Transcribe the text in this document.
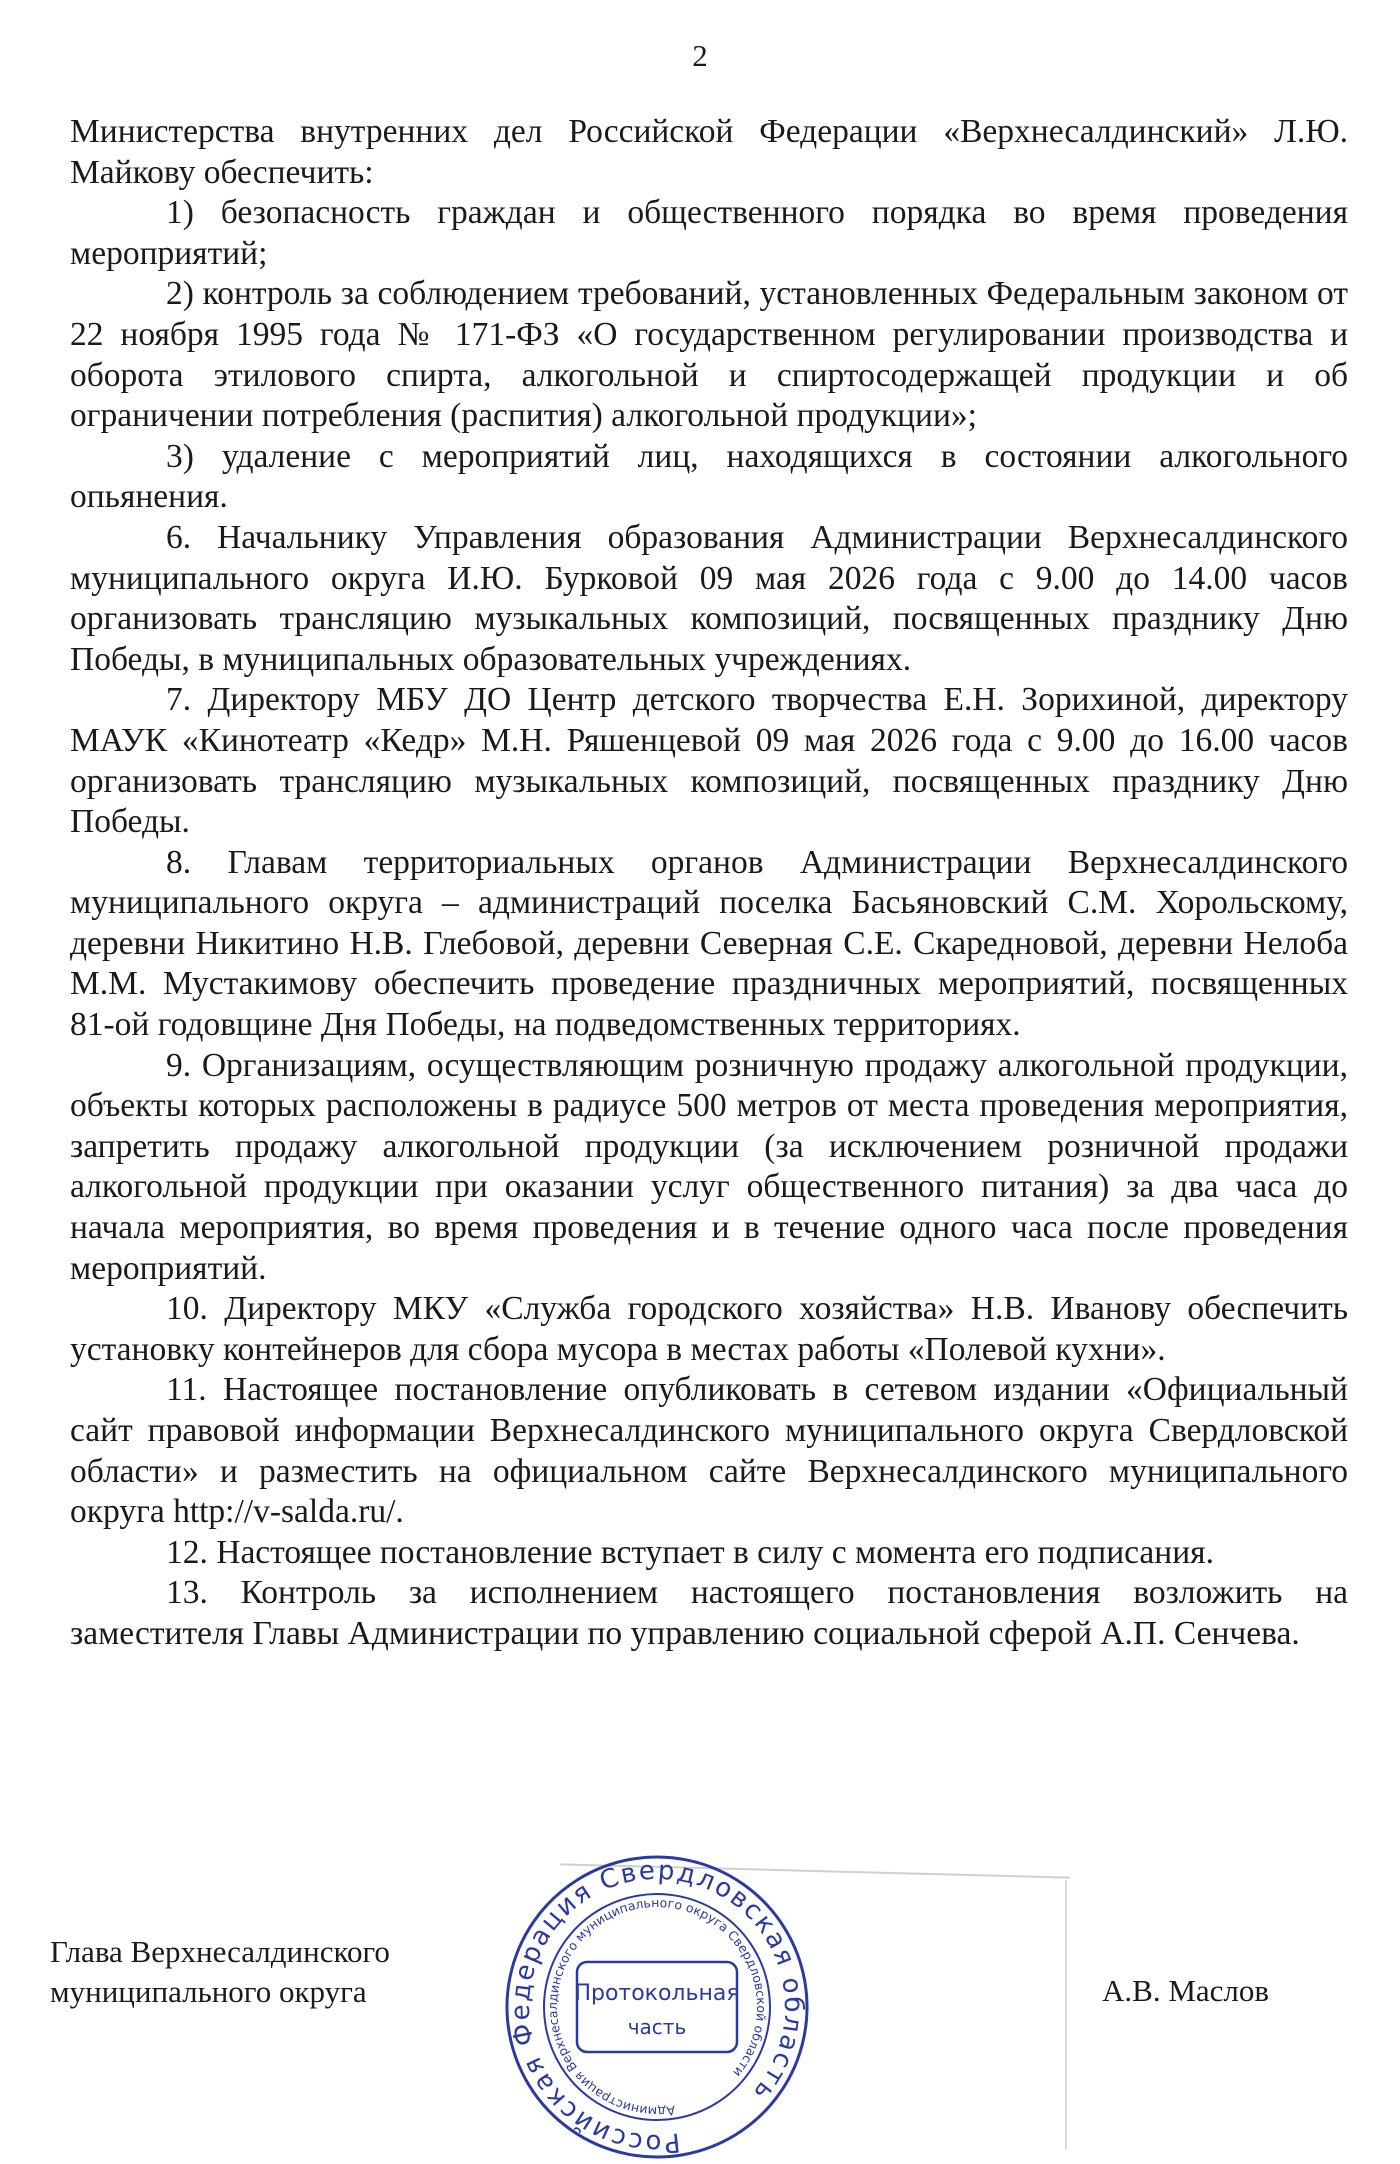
2

Министерства внутренних дел Российской Федерации «Верхнесалдинский» Л.Ю. Майкову обеспечить:

1) безопасность граждан и общественного порядка во время проведения мероприятий;

2) контроль за соблюдением требований, установленных Федеральным законом от 22 ноября 1995 года № 171-ФЗ «О государственном регулировании производства и оборота этилового спирта, алкогольной и спиртосодержащей продукции и об ограничении потребления (распития) алкогольной продукции»;

3) удаление с мероприятий лиц, находящихся в состоянии алкогольного опьянения.

6. Начальнику Управления образования Администрации Верхнесалдинского муниципального округа И.Ю. Бурковой 09 мая 2026 года с 9.00 до 14.00 часов организовать трансляцию музыкальных композиций, посвященных празднику Дню Победы, в муниципальных образовательных учреждениях.

7. Директору МБУ ДО Центр детского творчества Е.Н. Зорихиной, директору МАУК «Кинотеатр «Кедр» М.Н. Ряшенцевой 09 мая 2026 года с 9.00 до 16.00 часов организовать трансляцию музыкальных композиций, посвященных празднику Дню Победы.

8. Главам территориальных органов Администрации Верхнесалдинского муниципального округа – администраций поселка Басьяновский С.М. Хорольскому, деревни Никитино Н.В. Глебовой, деревни Северная С.Е. Скаредновой, деревни Нелоба М.М. Мустакимову обеспечить проведение праздничных мероприятий, посвященных 81-ой годовщине Дня Победы, на подведомственных территориях.

9. Организациям, осуществляющим розничную продажу алкогольной продукции, объекты которых расположены в радиусе 500 метров от места проведения мероприятия, запретить продажу алкогольной продукции (за исключением розничной продажи алкогольной продукции при оказании услуг общественного питания) за два часа до начала мероприятия, во время проведения и в течение одного часа после проведения мероприятий.

10. Директору МКУ «Служба городского хозяйства» Н.В. Иванову обеспечить установку контейнеров для сбора мусора в местах работы «Полевой кухни».

11. Настоящее постановление опубликовать в сетевом издании «Официальный сайт правовой информации Верхнесалдинского муниципального округа Свердловской области» и разместить на официальном сайте Верхнесалдинского муниципального округа http://v-salda.ru/.

12. Настоящее постановление вступает в силу с момента его подписания.

13. Контроль за исполнением настоящего постановления возложить на заместителя Главы Администрации по управлению социальной сферой А.П. Сенчева.

Глава Верхнесалдинского
муниципального округа	А.В. Маслов
Российская Федерация Свердловская область
Администрация Верхнесалдинского муниципального округа Свердловской области
Протокольная
часть
